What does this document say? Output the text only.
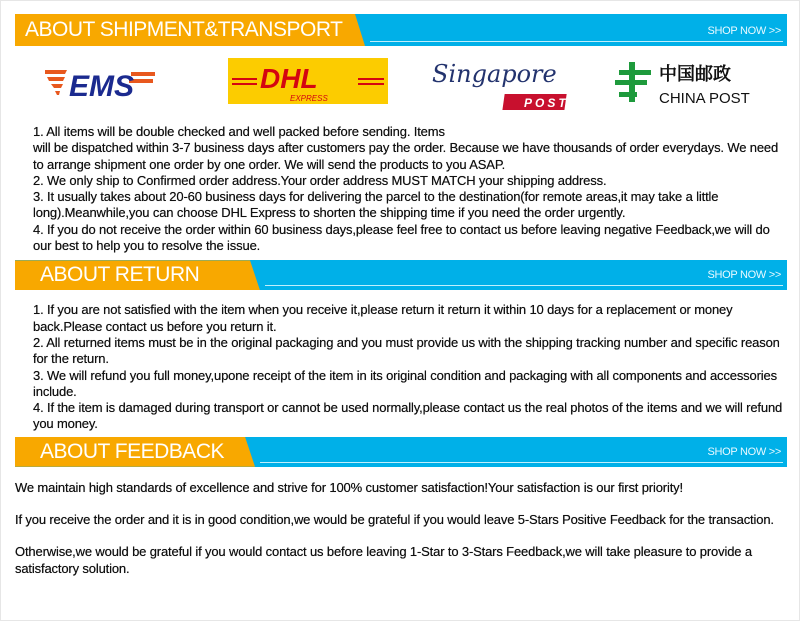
ABOUT SHIPMENT&TRANSPORT	SHOP NOW >>
EMS	DHL
EXPRESS
Singapore
POST
中国邮政
CHINA POST

1. All items will be double checked and well packed before sending. Items

will be dispatched within 3-7 business days after customers pay the order. Because we have thousands of order everydays. We need to arrange shipment one order by one order. We will send the products to you ASAP.

2. We only ship to Confirmed order address.Your order address MUST MATCH your shipping address.

3. It usually takes about 20-60 business days for delivering the parcel to the destination(for remote areas,it may take a little long).Meanwhile,you can choose DHL Express to shorten the shipping time if you need the order urgently.

4. If you do not receive the order within 60 business days,please feel free to contact us before leaving negative Feedback,we will do our best to help you to resolve the issue.

ABOUT RETURN	SHOP NOW >>

1. If you are not satisfied with the item when you receive it,please return it return it within 10 days for a replacement or money back.Please contact us before you return it.

2. All returned items must be in the original packaging and you must provide us with the shipping tracking number and specific reason for the return.

3. We will refund you full money,upone receipt of the item in its original condition and packaging with all components and accessories include.

4. If the item is damaged during transport or cannot be used normally,please contact us the real photos of the items and we will refund you money.

ABOUT FEEDBACK	SHOP NOW >>

We maintain high standards of excellence and strive for 100% customer satisfaction!Your satisfaction is our first priority!

If you receive the order and it is in good condition,we would be grateful if you would leave 5-Stars Positive Feedback for the transaction.

Otherwise,we would be grateful if you would contact us before leaving 1-Star to 3-Stars Feedback,we will take pleasure to provide a satisfactory solution.
